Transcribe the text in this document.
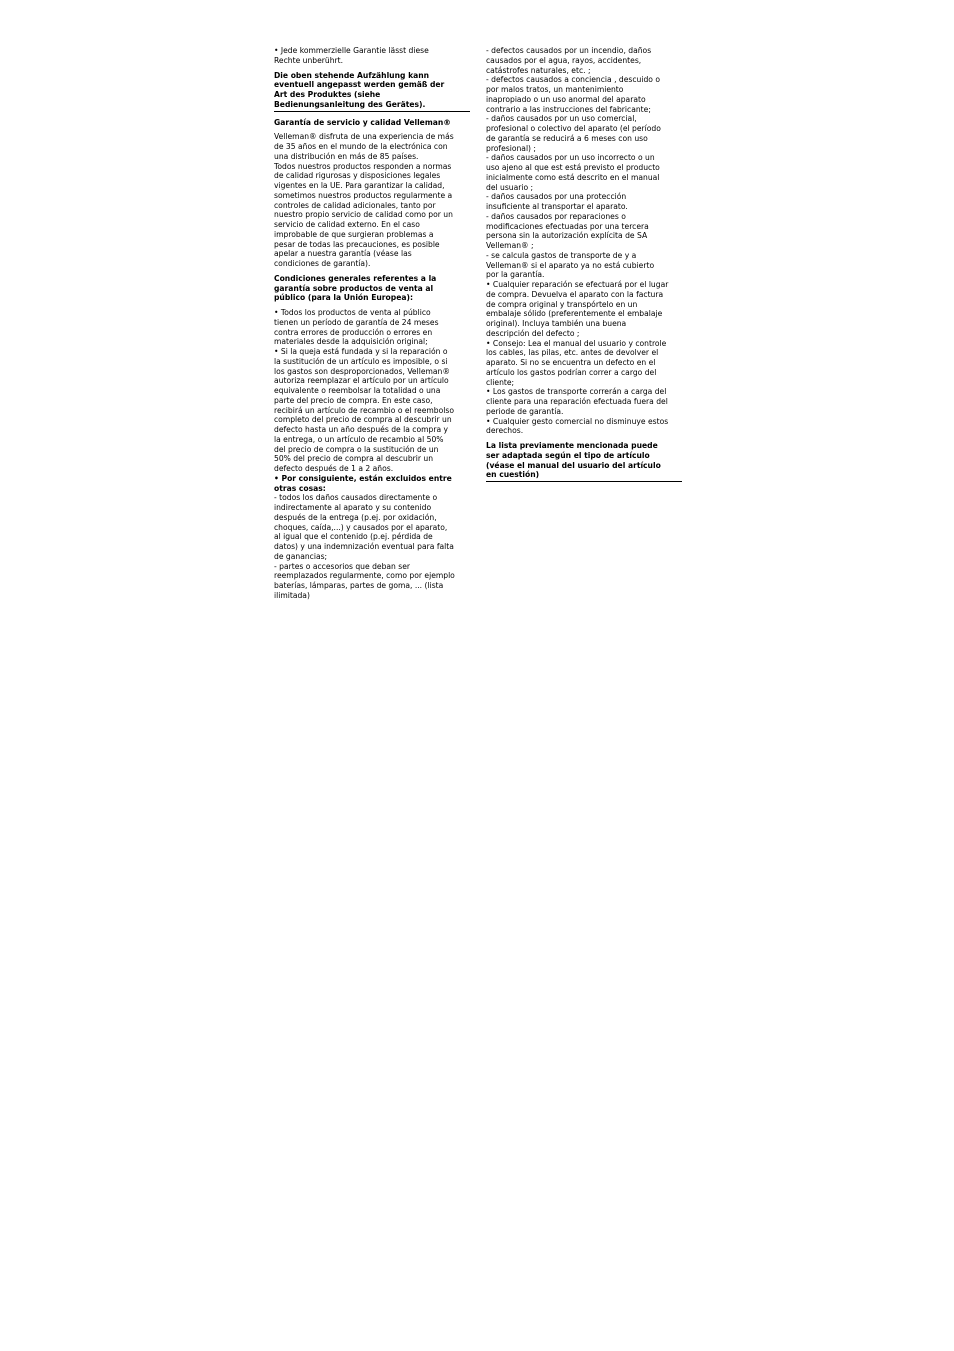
• Jede kommerzielle Garantie lässt diese
Rechte unberührt.

Die oben stehende Aufzählung kann
eventuell angepasst werden gemäß der
Art des Produktes (siehe
Bedienungsanleitung des Gerätes).

Garantía de servicio y calidad Velleman®

Velleman® disfruta de una experiencia de más
de 35 años en el mundo de la electrónica con
una distribución en más de 85 países.
Todos nuestros productos responden a normas
de calidad rigurosas y disposiciones legales
vigentes en la UE. Para garantizar la calidad,
sometimos nuestros productos regularmente a
controles de calidad adicionales, tanto por
nuestro propio servicio de calidad como por un
servicio de calidad externo. En el caso
improbable de que surgieran problemas a
pesar de todas las precauciones, es posible
apelar a nuestra garantía (véase las
condiciones de garantía).

Condiciones generales referentes a la
garantía sobre productos de venta al
público (para la Unión Europea):

• Todos los productos de venta al público
tienen un período de garantía de 24 meses
contra errores de producción o errores en
materiales desde la adquisición original;

• Si la queja está fundada y si la reparación o
la sustitución de un artículo es imposible, o si
los gastos son desproporcionados, Velleman®
autoriza reemplazar el artículo por un artículo
equivalente o reembolsar la totalidad o una
parte del precio de compra. En este caso,
recibirá un artículo de recambio o el reembolso
completo del precio de compra al descubrir un
defecto hasta un año después de la compra y
la entrega, o un artículo de recambio al 50%
del precio de compra o la sustitución de un
50% del precio de compra al descubrir un
defecto después de 1 a 2 años.

• Por consiguiente, están excluidos entre
otras cosas:

- todos los daños causados directamente o
indirectamente al aparato y su contenido
después de la entrega (p.ej. por oxidación,
choques, caída,...) y causados por el aparato,
al igual que el contenido (p.ej. pérdida de
datos) y una indemnización eventual para falta
de ganancias;

- partes o accesorios que deban ser
reemplazados regularmente, como por ejemplo
baterías, lámparas, partes de goma, ... (lista
ilimitada)

- defectos causados por un incendio, daños
causados por el agua, rayos, accidentes,
catástrofes naturales, etc. ;

- defectos causados a conciencia , descuido o
por malos tratos, un mantenimiento
inapropiado o un uso anormal del aparato
contrario a las instrucciones del fabricante;

- daños causados por un uso comercial,
profesional o colectivo del aparato (el período
de garantía se reducirá a 6 meses con uso
profesional) ;

- daños causados por un uso incorrecto o un
uso ajeno al que est está previsto el producto
inicialmente como está descrito en el manual
del usuario ;

- daños causados por una protección
insuficiente al transportar el aparato.

- daños causados por reparaciones o
modificaciones efectuadas por una tercera
persona sin la autorización explícita de SA
Velleman® ;

- se calcula gastos de transporte de y a
Velleman® si el aparato ya no está cubierto
por la garantía.

• Cualquier reparación se efectuará por el lugar
de compra. Devuelva el aparato con la factura
de compra original y transpórtelo en un
embalaje sólido (preferentemente el embalaje
original). Incluya también una buena
descripción del defecto ;

• Consejo: Lea el manual del usuario y controle
los cables, las pilas, etc. antes de devolver el
aparato. Si no se encuentra un defecto en el
artículo los gastos podrían correr a cargo del
cliente;

• Los gastos de transporte correrán a carga del
cliente para una reparación efectuada fuera del
periode de garantía.

• Cualquier gesto comercial no disminuye estos
derechos.

La lista previamente mencionada puede
ser adaptada según el tipo de artículo
(véase el manual del usuario del artículo
en cuestión)
